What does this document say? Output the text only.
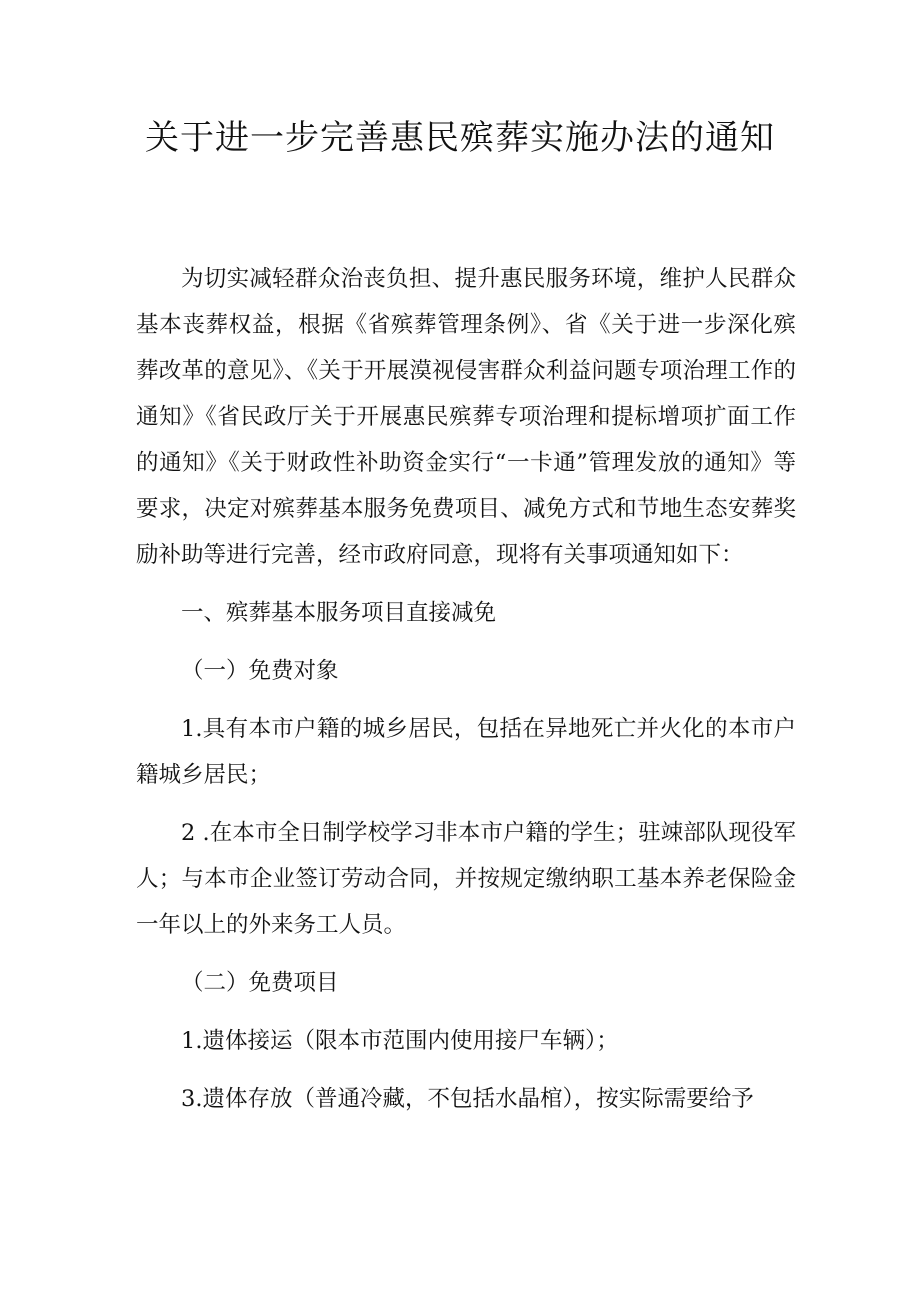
关于进一步完善惠民殡葬实施办法的通知

为切实减轻群众治丧负担、提升惠民服务环境，维护人民群众基本丧葬权益，根据《省殡葬管理条例》、省《关于进一步深化殡葬改革的意见》、《关于开展漠视侵害群众利益问题专项治理工作的通知》《省民政厅关于开展惠民殡葬专项治理和提标增项扩面工作的通知》《关于财政性补助资金实行“一卡通”管理发放的通知》等要求，决定对殡葬基本服务免费项目、减免方式和节地生态安葬奖励补助等进行完善，经市政府同意，现将有关事项通知如下：

一、殡葬基本服务项目直接减免

（一）免费对象

1.具有本市户籍的城乡居民，包括在异地死亡并火化的本市户籍城乡居民；

2 .在本市全日制学校学习非本市户籍的学生；驻竦部队现役军人；与本市企业签订劳动合同，并按规定缴纳职工基本养老保险金一年以上的外来务工人员。

（二）免费项目

1.遗体接运（限本市范围内使用接尸车辆）；

3.遗体存放（普通冷藏，不包括水晶棺），按实际需要给予
